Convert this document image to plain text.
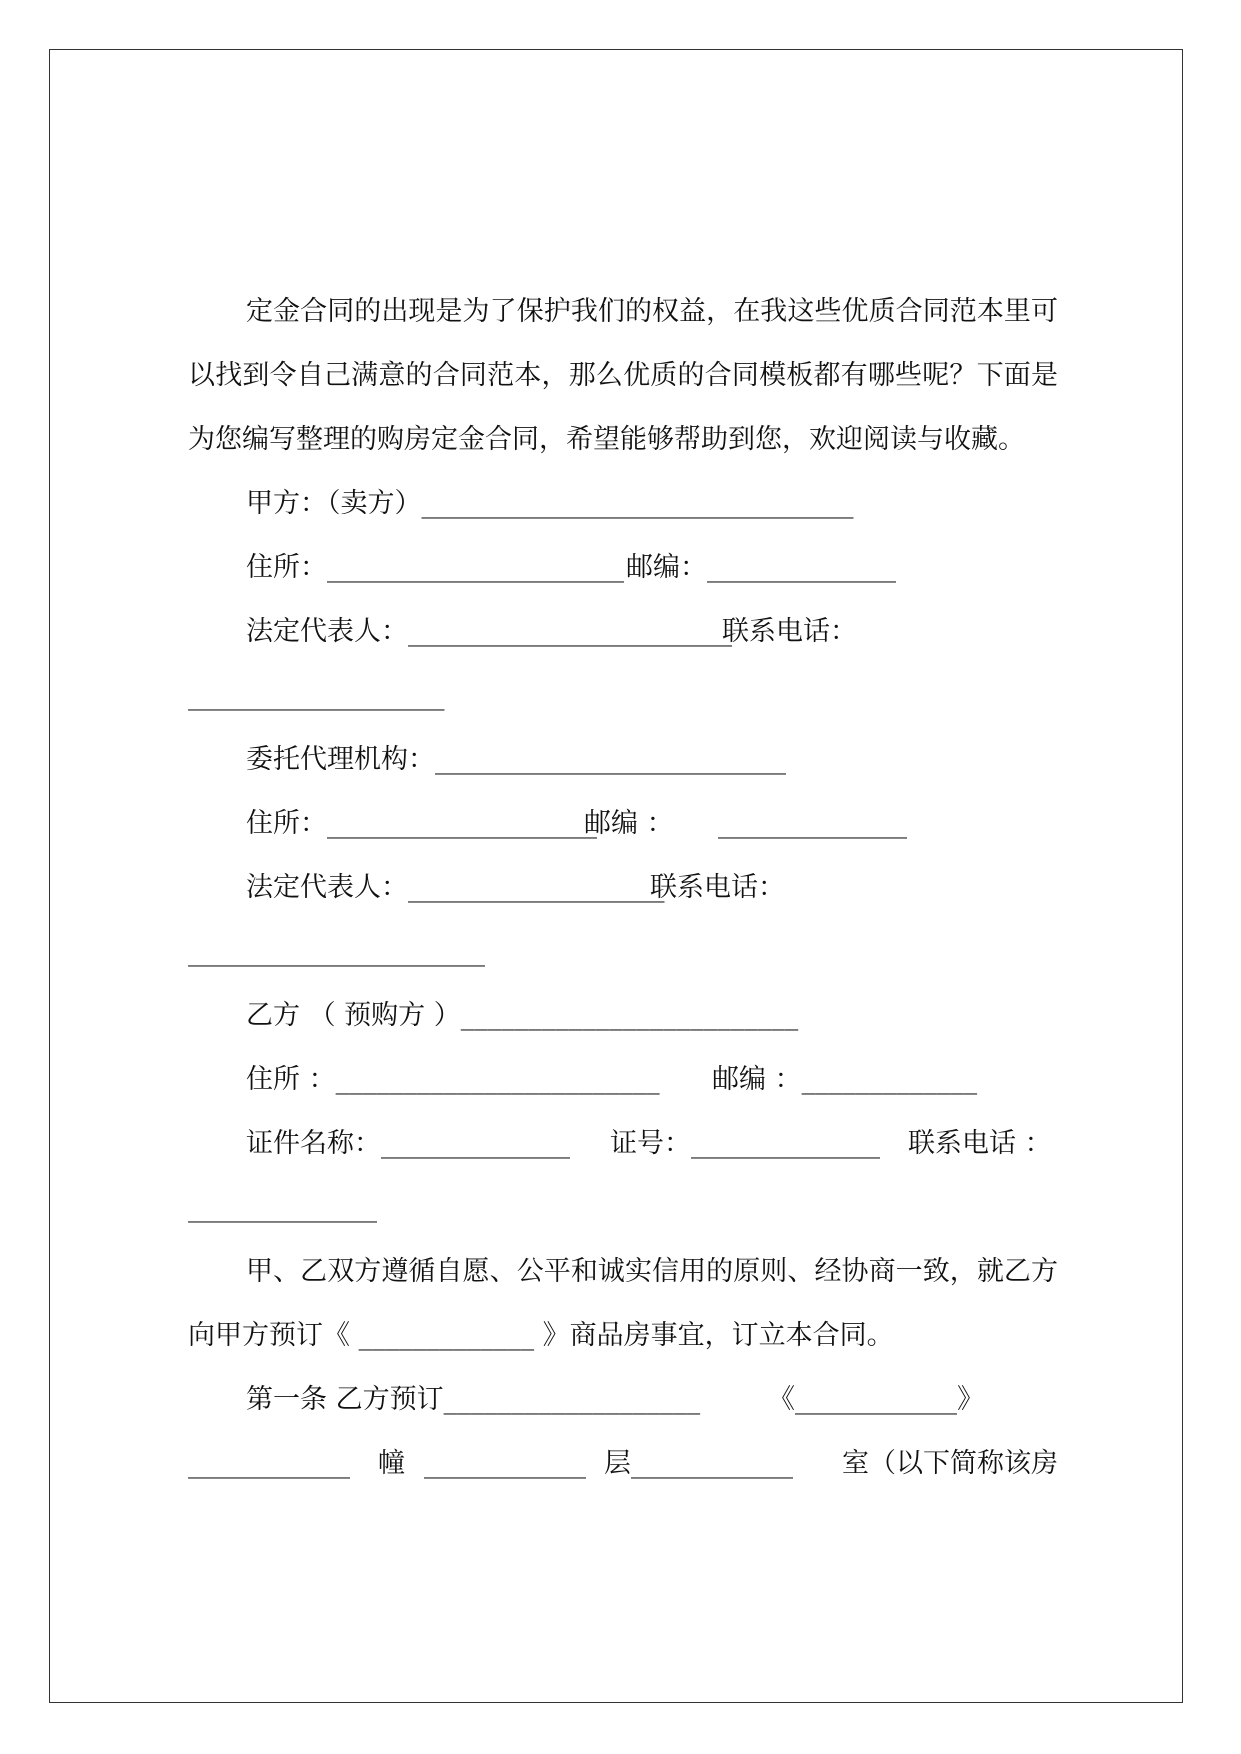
定金合同的出现是为了保护我们的权益，在我这些优质合同范本里可以找到令自己满意的合同范本，那么优质的合同模板都有哪些呢？下面是为您编写整理的购房定金合同，希望能够帮助到您，欢迎阅读与收藏。

甲方：（卖方）________________________________
住所：______________________ 邮编：______________
法定代表人：________________________
联系电话：
___________________
委托代理机构：__________________________
住所：____________________
邮编 ： ______________
法定代表人：___________________
联系电话：
______________________
乙方 （ 预购方 ）_________________________
住所 ：________________________ 邮编 ：_____________
证件名称：______________ 证号：______________ 联系电话 ：
______________

甲、乙双方遵循自愿、公平和诚实信用的原则、经协商一致，就乙方向甲方预订《 _____________ 》商品房事宜，订立本合同。

第一条 乙方预订___________________	《____________》
____________ 幢 ____________ 层____________ 室（以下简称该房
